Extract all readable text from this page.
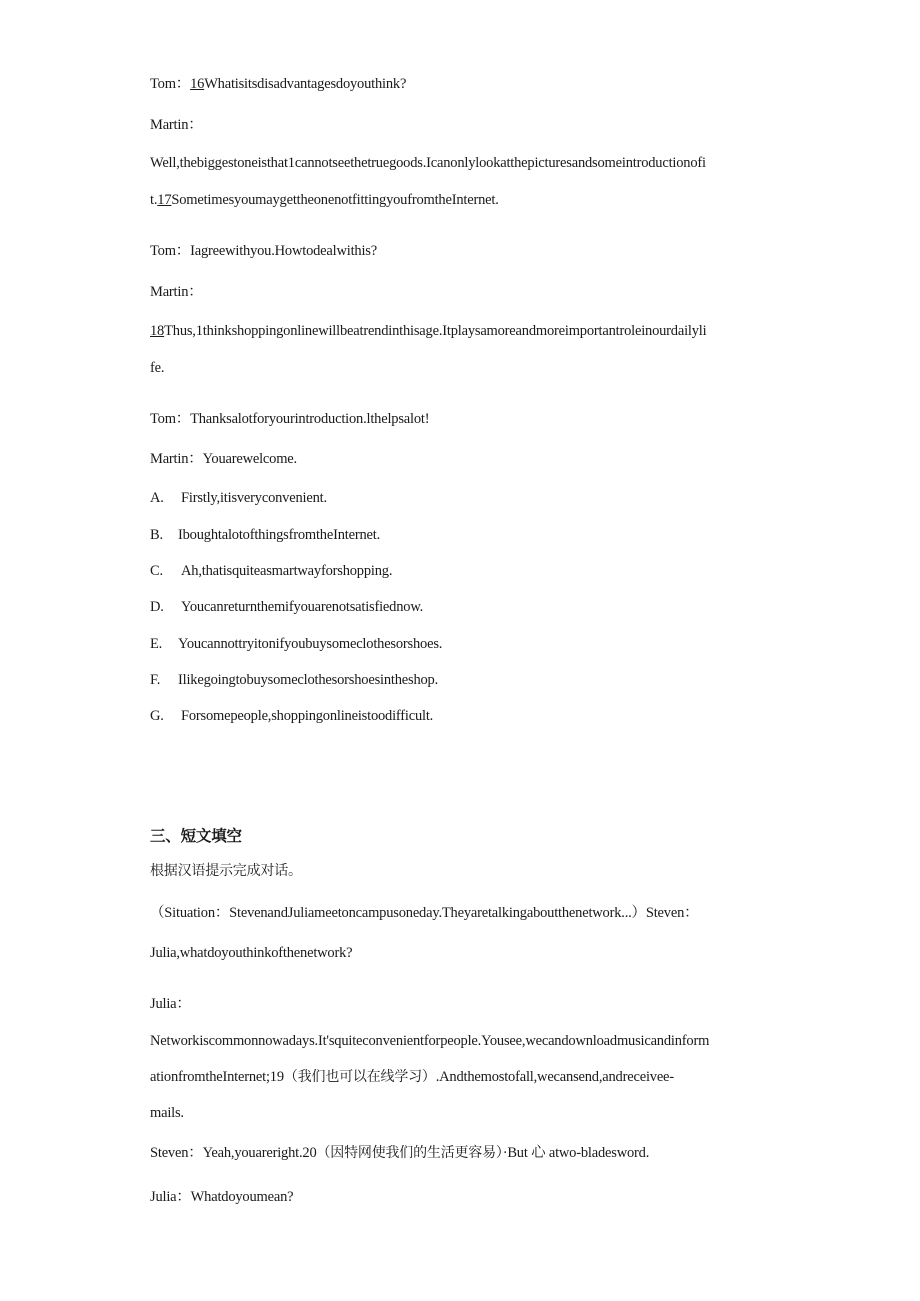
Tom：16Whatisitsdisadvantagesdoyouthink?
Martin：
Well,thebiggestoneisthat1cannotseethetruegoods.Icanonlylookatthepicturesandsomeintroductionofi
t.17SometimesyoumaygettheonenotfittingyoufromtheInternet.
Tom：Iagreewithyou.Howtodealwithis?
Martin：
18Thus,1thinkshoppingonlinewillbeatrendinthisage.Itplaysamoreandmoreimportantroleinourdailyli
fe.
Tom：Thanksalotforyourintroduction.lthelpsalot!
Martin：Youarewelcome.
A. Firstly,itisveryconvenient.
B. IboughtalotofthingsfromtheInternet.
C. Ah,thatisquiteasmartwayforshopping.
D. Youcanreturnthemifyouarenotsatisfiednow.
E. Youcannottryitonifyoubuysomeclothesorshoes.
F. Ilikegoingtobuysomeclothesorshoesintheshop.
G. Forsomepeople,shoppingonlineistoodifficult.
三、短文填空
根据汉语提示完成对话。
（Situation：StevenandJuliameetoncampusoneday.Theyaretalkingaboutthenetwork...）Steven：
Julia,whatdoyouthinkofthenetwork?
Julia：
Networkiscommonnowadays.It'squiteconvenientforpeople.Yousee,wecandownloadmusicandinform
ationfromtheInternet;19（我们也可以在线学习）.Andthemostofall,wecansend,andreceivee-
mails.
Steven：Yeah,youareright.20（因特网使我们的生活更容易）·But 心 atwo-bladesword.
Julia：Whatdoyoumean?
